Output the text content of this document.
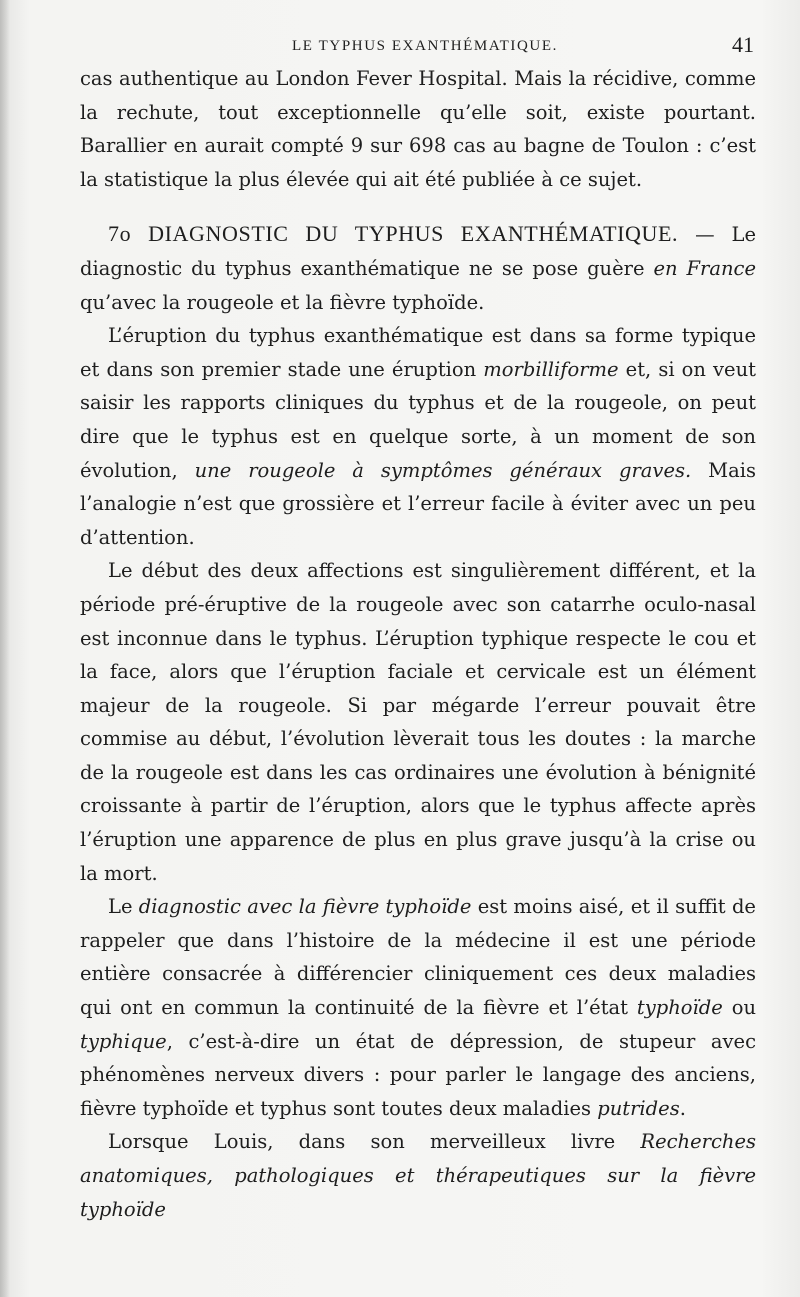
LE TYPHUS EXANTHÉMATIQUE.	41

cas authentique au London Fever Hospital. Mais la récidive, comme la rechute, tout exceptionnelle qu’elle soit, existe pourtant. Barallier en aurait compté 9 sur 698 cas au bagne de Toulon : c’est la statistique la plus élevée qui ait été publiée à ce sujet.

7o DIAGNOSTIC DU TYPHUS EXANTHÉMATIQUE. — Le diagnostic du typhus exanthématique ne se pose guère en France qu’avec la rougeole et la fièvre typhoïde.

L’éruption du typhus exanthématique est dans sa forme typique et dans son premier stade une éruption morbilliforme et, si on veut saisir les rapports cliniques du typhus et de la rougeole, on peut dire que le typhus est en quelque sorte, à un moment de son évolution, une rougeole à symptômes généraux graves. Mais l’analogie n’est que grossière et l’erreur facile à éviter avec un peu d’attention.

Le début des deux affections est singulièrement différent, et la période pré-éruptive de la rougeole avec son catarrhe oculo-nasal est inconnue dans le typhus. L’éruption typhique respecte le cou et la face, alors que l’éruption faciale et cervicale est un élément majeur de la rougeole. Si par mégarde l’erreur pouvait être commise au début, l’évolution lèverait tous les doutes : la marche de la rougeole est dans les cas ordinaires une évolution à bénignité croissante à partir de l’éruption, alors que le typhus affecte après l’éruption une apparence de plus en plus grave jusqu’à la crise ou la mort.

Le diagnostic avec la fièvre typhoïde est moins aisé, et il suffit de rappeler que dans l’histoire de la médecine il est une période entière consacrée à différencier cliniquement ces deux maladies qui ont en commun la continuité de la fièvre et l’état typhoïde ou typhique, c’est-à-dire un état de dépression, de stupeur avec phénomènes nerveux divers : pour parler le langage des anciens, fièvre typhoïde et typhus sont toutes deux maladies putrides.

Lorsque Louis, dans son merveilleux livre Recherches anatomiques, pathologiques et thérapeutiques sur la fièvre typhoïde
